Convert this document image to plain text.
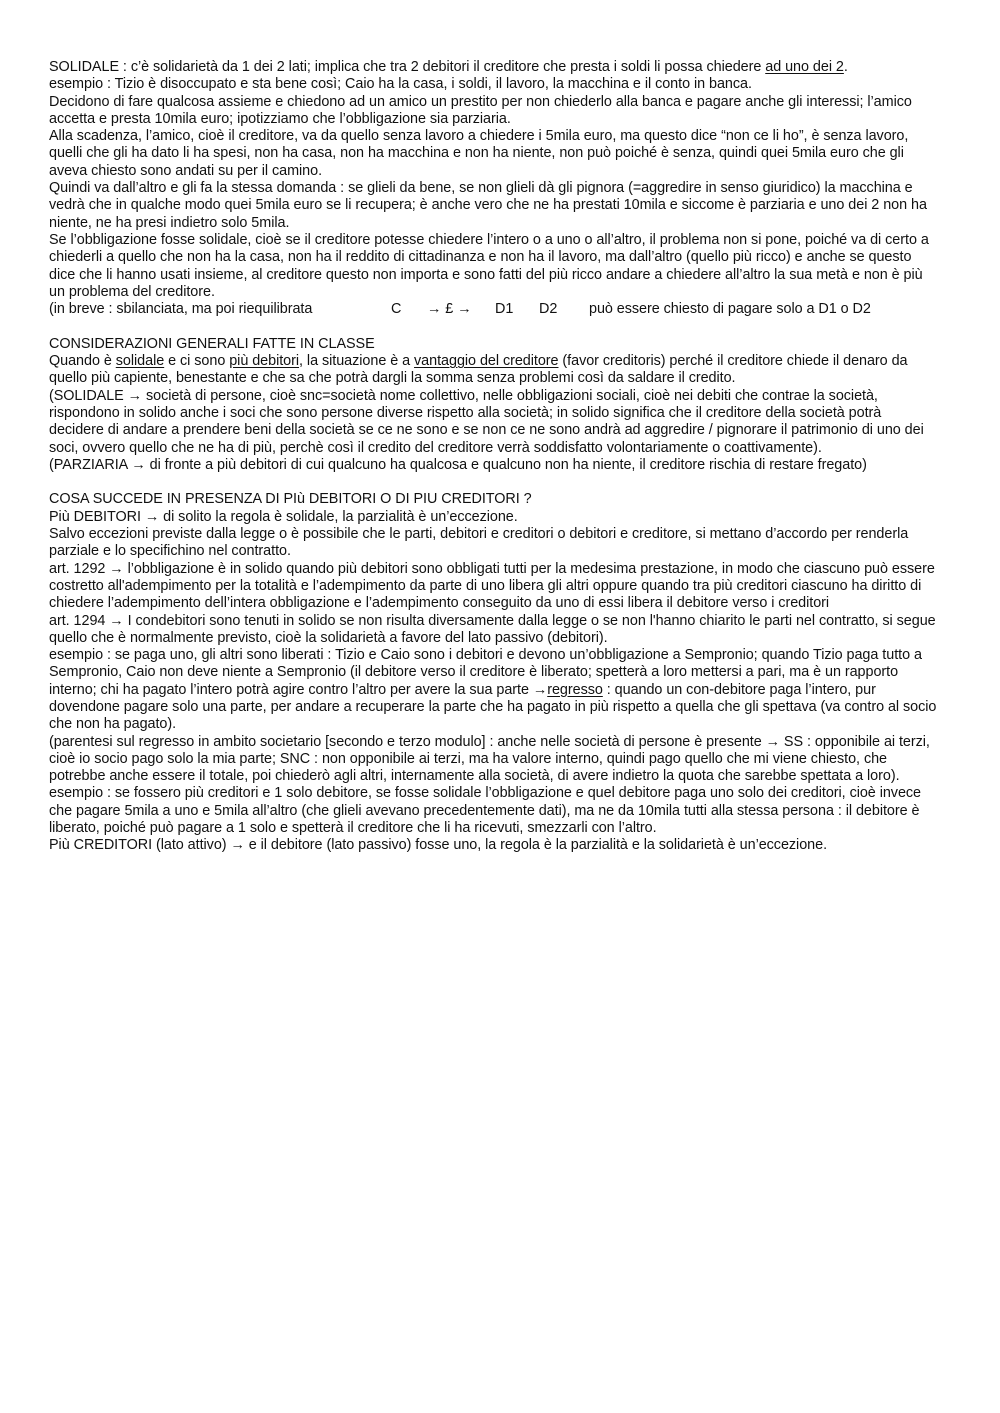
SOLIDALE : c’è solidarietà da 1 dei 2 lati; implica che tra 2 debitori il creditore che presta i soldi li possa chiedere ad uno dei 2.

esempio : Tizio è disoccupato e sta bene così; Caio ha la casa, i soldi, il lavoro, la macchina e il conto in banca.

Decidono di fare qualcosa assieme e chiedono ad un amico un prestito per non chiederlo alla banca e pagare anche gli interessi; l’amico accetta e presta 10mila euro; ipotizziamo che l’obbligazione sia parziaria.

Alla scadenza, l’amico, cioè il creditore, va da quello senza lavoro a chiedere i 5mila euro, ma questo dice “non ce li ho”, è senza lavoro, quelli che gli ha dato li ha spesi, non ha casa, non ha macchina e non ha niente, non può poiché è senza, quindi quei 5mila euro che gli aveva chiesto sono andati su per il camino.

Quindi va dall’altro e gli fa la stessa domanda : se glieli da bene, se non glieli dà gli pignora (=aggredire in senso giuridico) la macchina e vedrà che in qualche modo quei 5mila euro se li recupera; è anche vero che ne ha prestati 10mila e siccome è parziaria e uno dei 2 non ha niente, ne ha presi indietro solo 5mila.

Se l’obbligazione fosse solidale, cioè se il creditore potesse chiedere l’intero o a uno o all’altro, il problema non si pone, poiché va di certo a chiederli a quello che non ha la casa, non ha il reddito di cittadinanza e non ha il lavoro, ma dall’altro (quello più ricco) e anche se questo dice che li hanno usati insieme, al creditore questo non importa e sono fatti del più ricco andare a chiedere all’altro la sua metà e non è più un problema del creditore.

(in breve : sbilanciata, ma poi riequilibrata	C → £ → D1 D2 può essere chiesto di pagare solo a D1 o D2

CONSIDERAZIONI GENERALI FATTE IN CLASSE

Quando è solidale e ci sono più debitori, la situazione è a vantaggio del creditore (favor creditoris) perché il creditore chiede il denaro da quello più capiente, benestante e che sa che potrà dargli la somma senza problemi così da saldare il credito.

(SOLIDALE → società di persone, cioè snc=società nome collettivo, nelle obbligazioni sociali, cioè nei debiti che contrae la società, rispondono in solido anche i soci che sono persone diverse rispetto alla società; in solido significa che il creditore della società potrà decidere di andare a prendere beni della società se ce ne sono e se non ce ne sono andrà ad aggredire / pignorare il patrimonio di uno dei soci, ovvero quello che ne ha di più, perchè così il credito del creditore verrà soddisfatto volontariamente o coattivamente).

(PARZIARIA → di fronte a più debitori di cui qualcuno ha qualcosa e qualcuno non ha niente, il creditore rischia di restare fregato)

COSA SUCCEDE IN PRESENZA DI PIù DEBITORI O DI PIU CREDITORI ?

Più DEBITORI → di solito la regola è solidale, la parzialità è un’eccezione.

Salvo eccezioni previste dalla legge o è possibile che le parti, debitori e creditori o debitori e creditore, si mettano d’accordo per renderla parziale e lo specifichino nel contratto.

art. 1292 → l’obbligazione è in solido quando più debitori sono obbligati tutti per la medesima prestazione, in modo che ciascuno può essere costretto all'adempimento per la totalità e l’adempimento da parte di uno libera gli altri oppure quando tra più creditori ciascuno ha diritto di chiedere l’adempimento dell’intera obbligazione e l’adempimento conseguito da uno di essi libera il debitore verso i creditori

art. 1294 → I condebitori sono tenuti in solido se non risulta diversamente dalla legge o se non l'hanno chiarito le parti nel contratto, si segue quello che è normalmente previsto, cioè la solidarietà a favore del lato passivo (debitori).

esempio : se paga uno, gli altri sono liberati : Tizio e Caio sono i debitori e devono un’obbligazione a Sempronio; quando Tizio paga tutto a Sempronio, Caio non deve niente a Sempronio (il debitore verso il creditore è liberato; spetterà a loro mettersi a pari, ma è un rapporto interno; chi ha pagato l’intero potrà agire contro l’altro per avere la sua parte →regresso : quando un con-debitore paga l’intero, pur dovendone pagare solo una parte, per andare a recuperare la parte che ha pagato in più rispetto a quella che gli spettava (va contro al socio che non ha pagato).

(parentesi sul regresso in ambito societario [secondo e terzo modulo] : anche nelle società di persone è presente → SS : opponibile ai terzi, cioè io socio pago solo la mia parte; SNC : non opponibile ai terzi, ma ha valore interno, quindi pago quello che mi viene chiesto, che potrebbe anche essere il totale, poi chiederò agli altri, internamente alla società, di avere indietro la quota che sarebbe spettata a loro).

esempio : se fossero più creditori e 1 solo debitore, se fosse solidale l’obbligazione e quel debitore paga uno solo dei creditori, cioè invece che pagare 5mila a uno e 5mila all’altro (che glieli avevano precedentemente dati), ma ne da 10mila tutti alla stessa persona : il debitore è liberato, poiché può pagare a 1 solo e spetterà il creditore che li ha ricevuti, smezzarli con l’altro.

Più CREDITORI (lato attivo) → e il debitore (lato passivo) fosse uno, la regola è la parzialità e la solidarietà è un’eccezione.
